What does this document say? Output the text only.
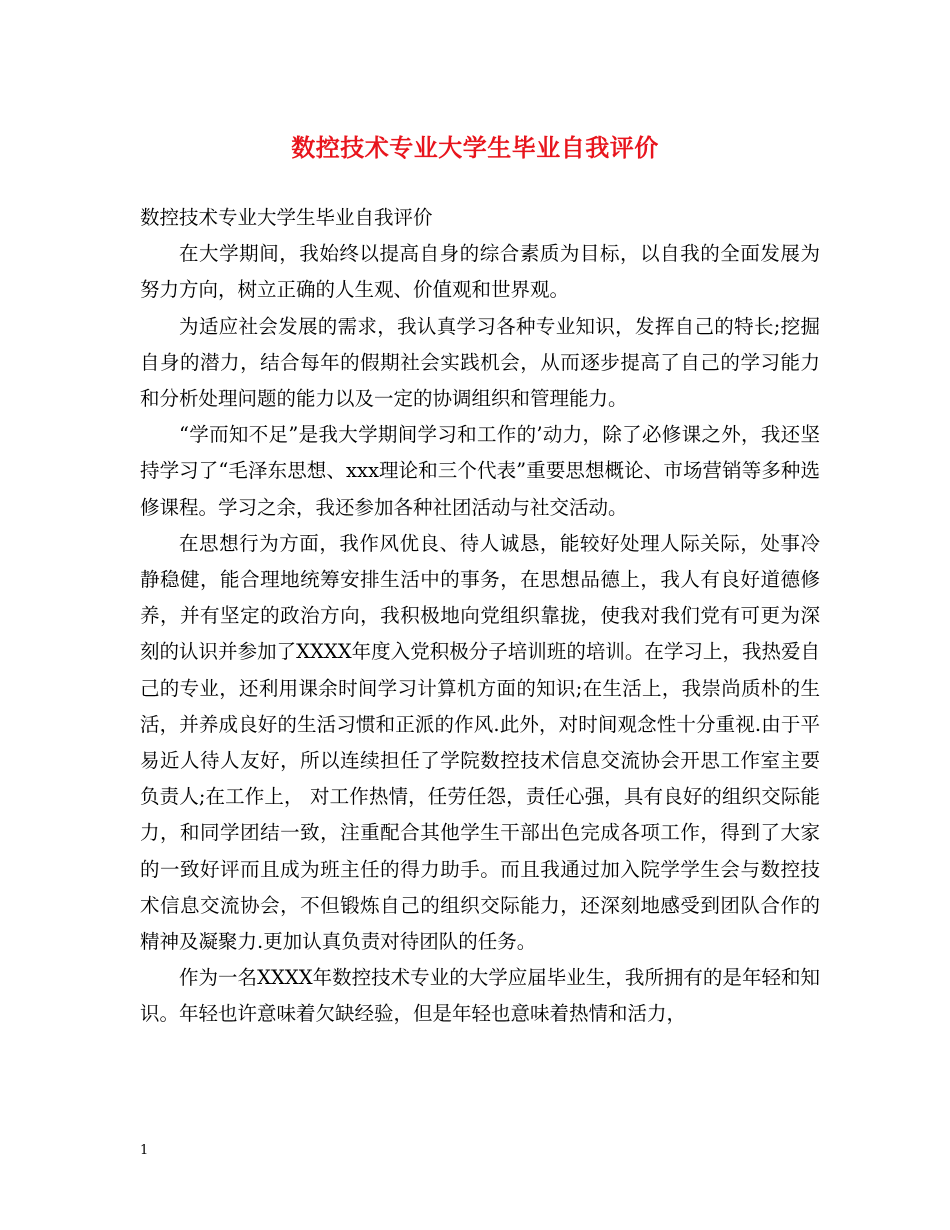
数控技术专业大学生毕业自我评价

数控技术专业大学生毕业自我评价

在大学期间，我始终以提高自身的综合素质为目标，以自我的全面发展为努力方向，树立正确的人生观、价值观和世界观。

为适应社会发展的需求，我认真学习各种专业知识，发挥自己的特长;挖掘自身的潜力，结合每年的假期社会实践机会，从而逐步提高了自己的学习能力和分析处理问题的能力以及一定的协调组织和管理能力。

“学而知不足”是我大学期间学习和工作的’动力，除了必修课之外，我还坚持学习了“毛泽东思想、xxx理论和三个代表”重要思想概论、市场营销等多种选修课程。学习之余，我还参加各种社团活动与社交活动。

在思想行为方面，我作风优良、待人诚恳，能较好处理人际关际，处事冷静稳健，能合理地统筹安排生活中的事务，在思想品德上，我人有良好道德修养，并有坚定的政治方向，我积极地向党组织靠拢，使我对我们党有可更为深刻的认识并参加了XXXX年度入党积极分子培训班的培训。在学习上，我热爱自己的专业，还利用课余时间学习计算机方面的知识;在生活上，我崇尚质朴的生活，并养成良好的生活习惯和正派的作风.此外，对时间观念性十分重视.由于平易近人待人友好，所以连续担任了学院数控技术信息交流协会开思工作室主要负责人;在工作上， 对工作热情，任劳任怨，责任心强，具有良好的组织交际能力，和同学团结一致，注重配合其他学生干部出色完成各项工作，得到了大家的一致好评而且成为班主任的得力助手。而且我通过加入院学学生会与数控技术信息交流协会，不但锻炼自己的组织交际能力，还深刻地感受到团队合作的精神及凝聚力.更加认真负责对待团队的任务。

作为一名XXXX年数控技术专业的大学应届毕业生，我所拥有的是年轻和知识。年轻也许意味着欠缺经验，但是年轻也意味着热情和活力，

1
